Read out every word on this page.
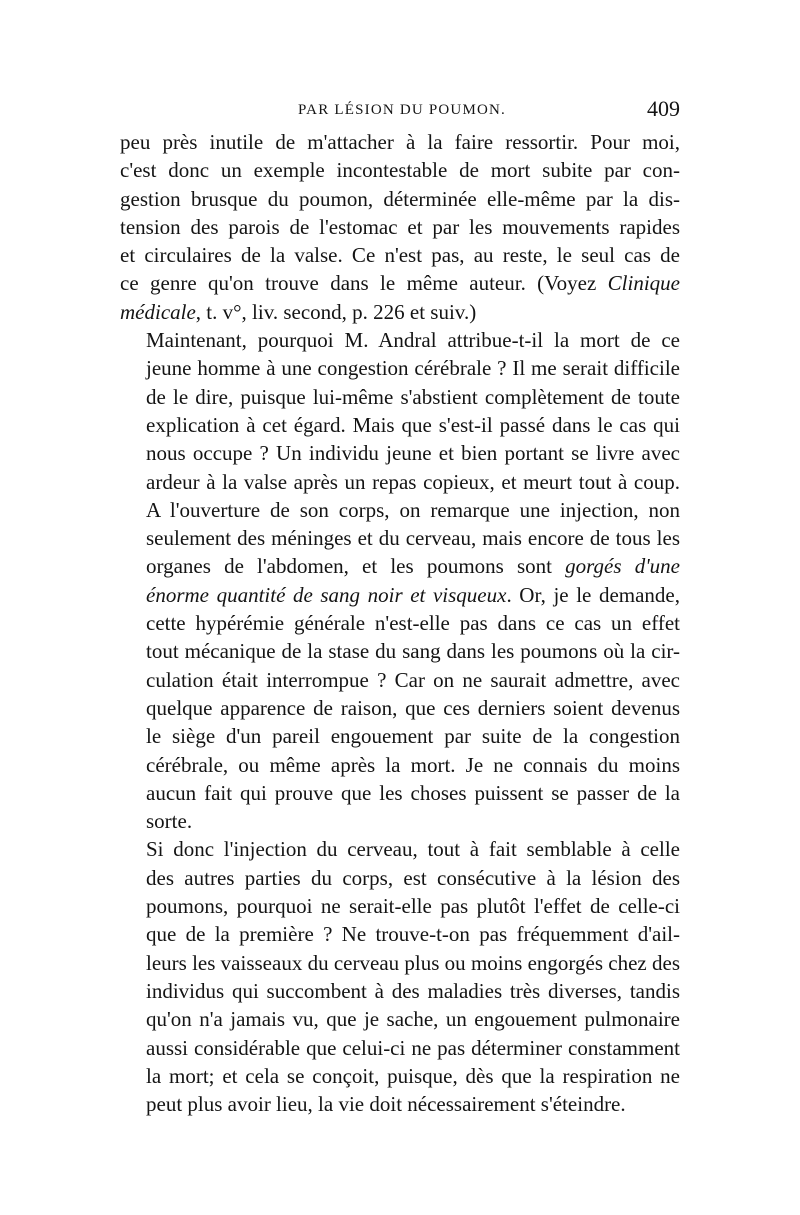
PAR LÉSION DU POUMON.	409

peu près inutile de m'attacher à la faire ressortir. Pour moi,
c'est donc un exemple incontestable de mort subite par con-
gestion brusque du poumon, déterminée elle-même par la dis-
tension des parois de l'estomac et par les mouvements rapides
et circulaires de la valse. Ce n'est pas, au reste, le seul cas de
ce genre qu'on trouve dans le même auteur. (Voyez Clinique
médicale, t. v°, liv. second, p. 226 et suiv.)

Maintenant, pourquoi M. Andral attribue-t-il la mort de ce
jeune homme à une congestion cérébrale ? Il me serait difficile
de le dire, puisque lui-même s'abstient complètement de toute
explication à cet égard. Mais que s'est-il passé dans le cas qui
nous occupe ? Un individu jeune et bien portant se livre avec
ardeur à la valse après un repas copieux, et meurt tout à coup.
A l'ouverture de son corps, on remarque une injection, non
seulement des méninges et du cerveau, mais encore de tous les
organes de l'abdomen, et les poumons sont gorgés d'une
énorme quantité de sang noir et visqueux. Or, je le demande,
cette hypérémie générale n'est-elle pas dans ce cas un effet
tout mécanique de la stase du sang dans les poumons où la cir-
culation était interrompue ? Car on ne saurait admettre, avec
quelque apparence de raison, que ces derniers soient devenus
le siège d'un pareil engouement par suite de la congestion
cérébrale, ou même après la mort. Je ne connais du moins
aucun fait qui prouve que les choses puissent se passer de la
sorte.

Si donc l'injection du cerveau, tout à fait semblable à celle
des autres parties du corps, est consécutive à la lésion des
poumons, pourquoi ne serait-elle pas plutôt l'effet de celle-ci
que de la première ? Ne trouve-t-on pas fréquemment d'ail-
leurs les vaisseaux du cerveau plus ou moins engorgés chez des
individus qui succombent à des maladies très diverses, tandis
qu'on n'a jamais vu, que je sache, un engouement pulmonaire
aussi considérable que celui-ci ne pas déterminer constamment
la mort; et cela se conçoit, puisque, dès que la respiration ne
peut plus avoir lieu, la vie doit nécessairement s'éteindre.
